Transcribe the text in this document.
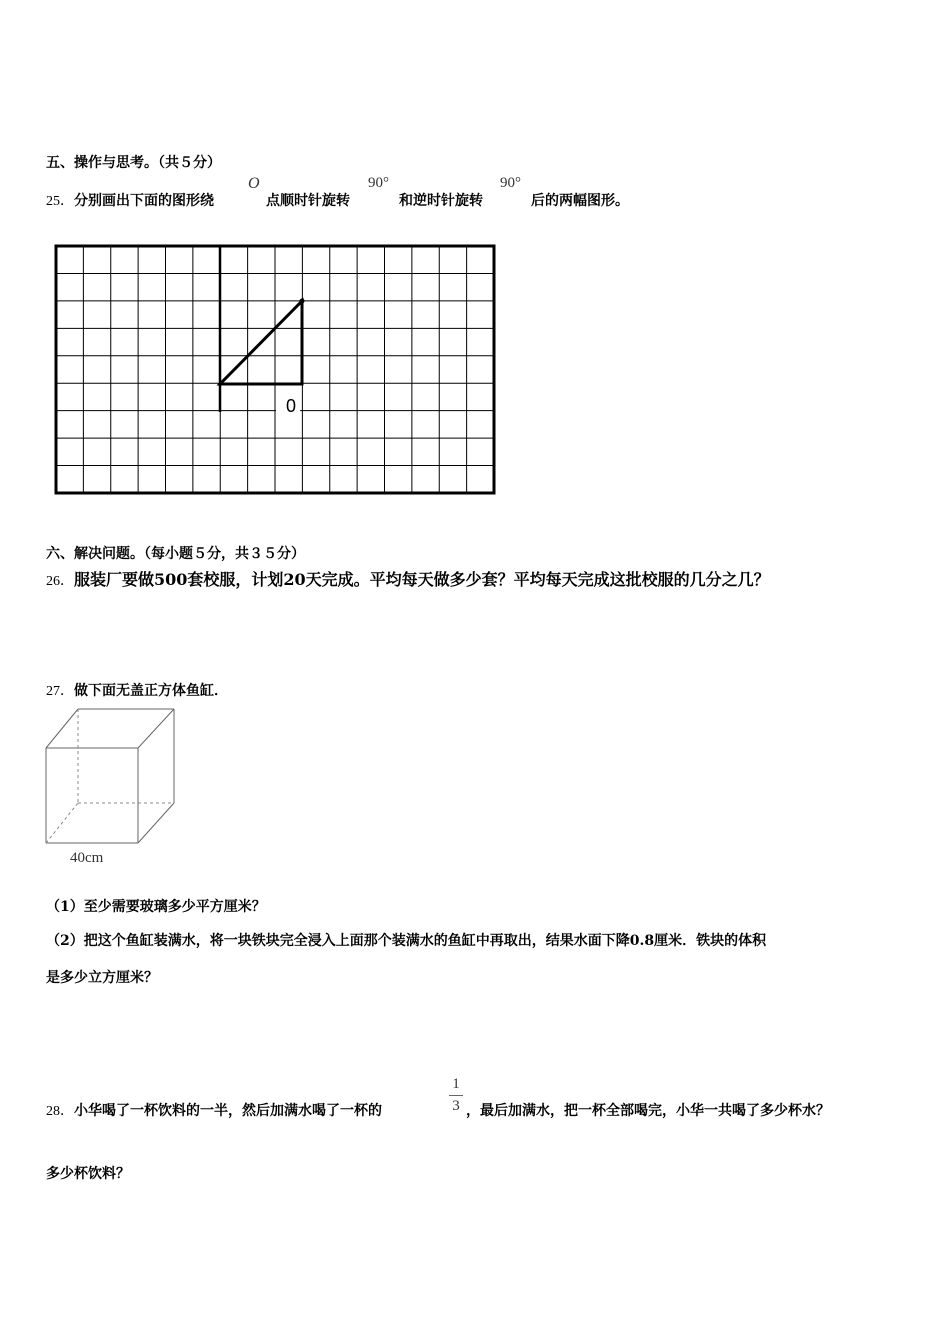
五、操作与思考。（共５分）
25．分别画出下面的图形绕
O
点顺时针旋转
90°
和逆时针旋转
90°
后的两幅图形。
0
六、解决问题。（每小题５分，共３５分）
26．服装厂要做500套校服，计划20天完成。平均每天做多少套？平均每天完成这批校服的几分之几？
27．做下面无盖正方体鱼缸．
40cm
（1）至少需要玻璃多少平方厘米？
（2）把这个鱼缸装满水，将一块铁块完全浸入上面那个装满水的鱼缸中再取出，结果水面下降0.8厘米．铁块的体积
是多少立方厘米？
28．小华喝了一杯饮料的一半，然后加满水喝了一杯的
1
3 ，最后加满水，把一杯全部喝完，小华一共喝了多少杯水？
多少杯饮料？
